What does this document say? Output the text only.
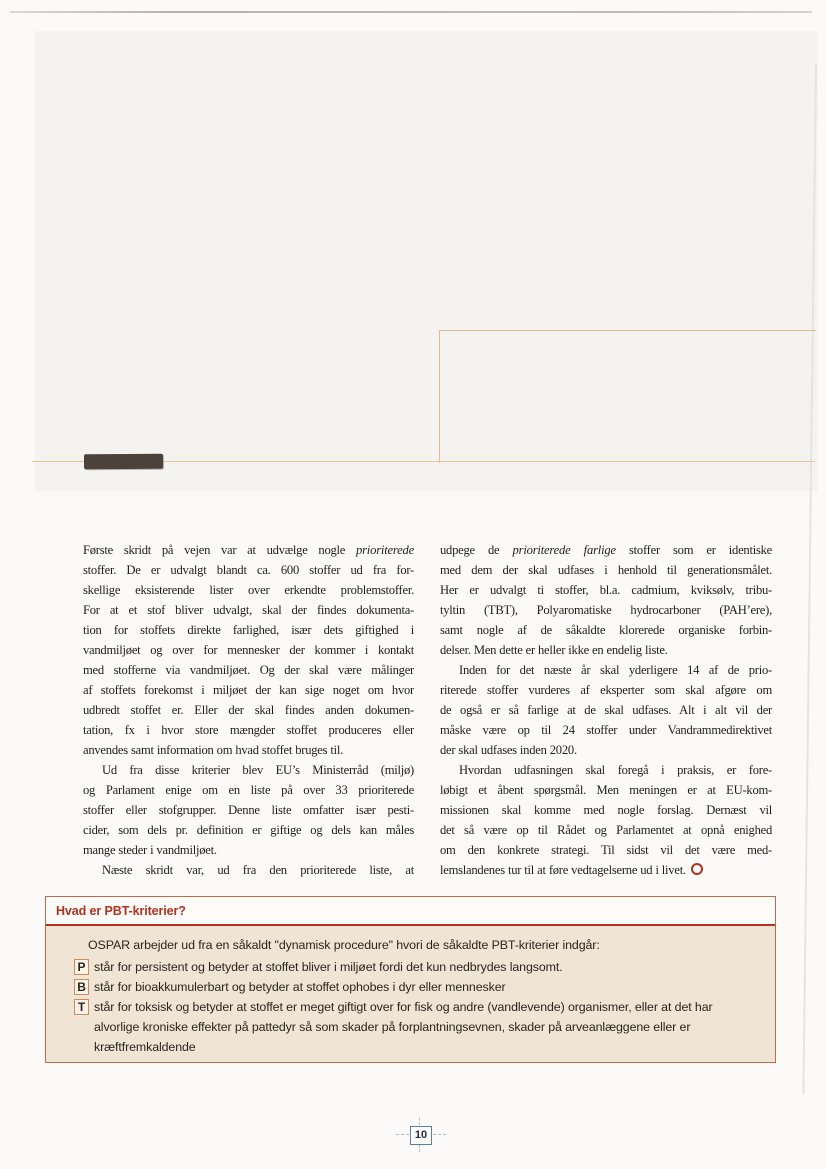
Første skridt på vejen var at udvælge nogle prioriterede
stoffer. De er udvalgt blandt ca. 600 stoffer ud fra for-
skellige eksisterende lister over erkendte problemstoffer.
For at et stof bliver udvalgt, skal der findes dokumenta-
tion for stoffets direkte farlighed, især dets giftighed i
vandmiljøet og over for mennesker der kommer i kontakt
med stofferne via vandmiljøet. Og der skal være målinger
af stoffets forekomst i miljøet der kan sige noget om hvor
udbredt stoffet er. Eller der skal findes anden dokumen-
tation, fx i hvor store mængder stoffet produceres eller
anvendes samt information om hvad stoffet bruges til.
Ud fra disse kriterier blev EU’s Ministerråd (miljø)
og Parlament enige om en liste på over 33 prioriterede
stoffer eller stofgrupper. Denne liste omfatter især pesti-
cider, som dels pr. definition er giftige og dels kan måles
mange steder i vandmiljøet.
Næste skridt var, ud fra den prioriterede liste, at
udpege de prioriterede farlige stoffer som er identiske
med dem der skal udfases i henhold til generationsmålet.
Her er udvalgt ti stoffer, bl.a. cadmium, kviksølv, tribu-
tyltin (TBT), Polyaromatiske hydrocarboner (PAH’ere),
samt nogle af de såkaldte klorerede organiske forbin-
delser. Men dette er heller ikke en endelig liste.
Inden for det næste år skal yderligere 14 af de prio-
riterede stoffer vurderes af eksperter som skal afgøre om
de også er så farlige at de skal udfases. Alt i alt vil der
måske være op til 24 stoffer under Vandrammedirektivet
der skal udfases inden 2020.
Hvordan udfasningen skal foregå i praksis, er fore-
løbigt et åbent spørgsmål. Men meningen er at EU-kom-
missionen skal komme med nogle forslag. Dernæst vil
det så være op til Rådet og Parlamentet at opnå enighed
om den konkrete strategi. Til sidst vil det være med-
lemslandenes tur til at føre vedtagelserne ud i livet.
Hvad er PBT-kriterier?
OSPAR arbejder ud fra en såkaldt "dynamisk procedure" hvori de såkaldte PBT-kriterier indgår:
P står for persistent og betyder at stoffet bliver i miljøet fordi det kun nedbrydes langsomt.
B står for bioakkumulerbart og betyder at stoffet ophobes i dyr eller mennesker
T står for toksisk og betyder at stoffet er meget giftigt over for fisk og andre (vandlevende) organismer, eller at det har
alvorlige kroniske effekter på pattedyr så som skader på forplantningsevnen, skader på arveanlæggene eller er
kræftfremkaldende
10
